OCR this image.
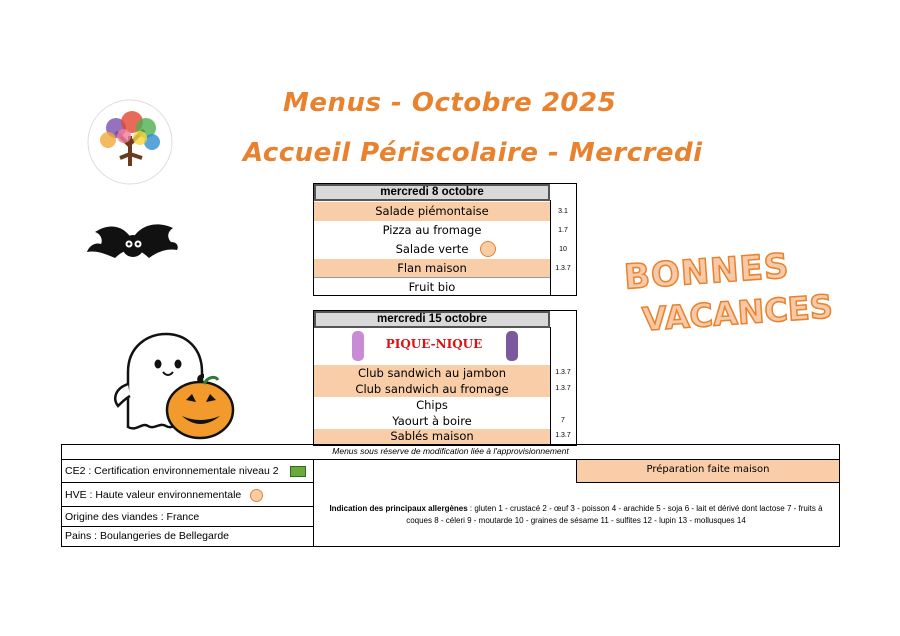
Menus - Octobre 2025
Accueil Périscolaire - Mercredi
mercredi 8 octobre
Salade piémontaise	3.1
Pizza au fromage	1.7
Salade verte	10
Flan maison	1.3.7
Fruit bio
mercredi 15 octobre
PIQUE-NIQUE
Club sandwich au jambon	1.3.7
Club sandwich au fromage	1.3.7
Chips
Yaourt à boire	7
Sablés maison	1.3.7
BONNES
VACANCES
Menus sous réserve de modification liée à l'approvisionnement
Préparation faite maison
CE2 : Certification environnementale niveau 2
HVE : Haute valeur environnementale
Origine des viandes : France
Pains : Boulangeries de Bellegarde
Indication des principaux allergènes : gluten 1 - crustacé 2 - œuf 3 - poisson 4 - arachide 5 - soja 6 - lait et dérivé dont lactose 7 - fruits à coques 8 - céleri 9 - moutarde 10 - graines de sésame 11 - sulfites 12 - lupin 13 - mollusques 14
